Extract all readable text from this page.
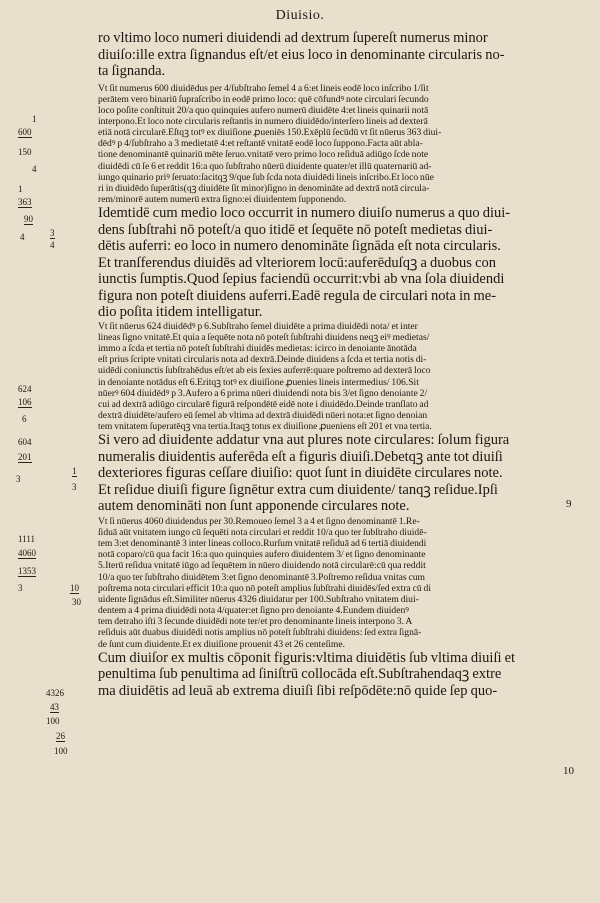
Diuisio.
9
10
1
600
150
4
1
363
90
4	3
4
624
106
6
604
201
1
3
3
1111
4060
1353
3	10
30
4326
43
100
26
100
ro vltimo loco numeri diuidendi ad dextrum ſupereſt numerus minor
diuiſo:ille extra ſignandus eſt/et eius loco in denominante circularis no-
ta ſignanda.
Vt ſit numerus 600 diuidēdus per 4/ſubſtraho ſemel 4 a 6:et lineis eodē loco inſcribo 1/ſit
perātem vero binariū ſupraſcribo in eodē primo loco: quē cōfundꝰ note circulari ſecundo
loco poſite conſtituit 20/a quo quinquies aufero numerū diuidēte 4:et lineis quinarii notā
interpono.Et loco note circularis reſtantis in numero diuidēdo/interſero lineis ad dexterā
etiā notā circularē.Eſtqꝫ totꝰ ex diuiſione ꝓueniēs 150.Exēplū ſecūdū vt ſit nūerus 363 diui-
dēdꝰ p 4/ſubſtraho a 3 medietatē 4:et reſtantē vnitatē eodē loco ſuppono.Facta aūt abla-
tione denominantē quinariū mēte ſeruo.vnitatē vero primo loco reſiduā adiūgo ſcde note
diuidēdi cū ſe 6 et reddit 16:a quo ſubſtraho nūerū diuidente quater/et illū quaternariū ad-
iungo quinario priꝰ ſeruato:ſacitqꝫ 9/que ſub ſcda nota diuidēdi lineis inſcribo.Et loco nūe
ri in diuidēdo ſuperātis(qꝫ diuidēte ſit minor)ſigno in denomināte ad dextrā notā circula-
rem/minorē autem numerū extra ſigno:ei diuidentem ſupponendo.
Idemtidē cum medio loco occurrit in numero diuiſo numerus a quo diui-
dens ſubſtrahi nō poteſt/a quo itidē et ſequēte nō poteſt medietas diui-
dētis auferri: eo loco in numero denomināte ſignāda eſt nota circularis.
Et tranſferendus diuidēs ad vlteriorem locū:auferēduſqꝫ a duobus con
iunctis ſumptis.Quod ſepius faciendū occurrit:vbi ab vna ſola diuidendi
figura non poteſt diuidens auferri.Eadē regula de circulari nota in me-
dio poſita itidem intelligatur.
Vt ſit nūerus 624 diuidēdꝰ p 6.Subſtraho ſemel diuidēte a prima diuidēdi nota/ et inter
lineas ſigno vnitatē.Et quia a ſequēte nota nō poteſt ſubſtrahi diuidens neqꝫ eiꝰ medietas/
immo a ſcda et tertia nō poteſt ſubſtrahi diuidēs medietas: icirco in denoiante ānotāda
eſt prius ſcripte vnitati circularis nota ad dextrā.Deinde diuidens a ſcda et tertia notis di-
uidēdi coniunctis ſubſtrahēdus eſt/et ab eis ſexies auferrē:quare poſtremo ad dexterā loco
in denoiante notādus eſt 6.Eritqꝫ totꝰ ex diuiſione ꝓuenies lineis intermedius/ 106.Sit
nūerꝰ 604 diuidēdꝰ p 3.Aufero a 6 prima nūeri diuidendi nota bis 3/et ſigno denoiante 2/
cui ad dextrā adiūgo circularē figurā reſpondētē eidē note i diuidēdo.Deinde tranſlato ad
dextrā diuidēte/aufero eū ſemel ab vltima ad dextrā diuidēdi nūeri nota:et ſigno denoian
tem vnitatem ſuperatēqꝫ vna tertia.Itaqꝫ totus ex diuiſione ꝓueniens eſt 201 et vna tertia.
Si vero ad diuidente addatur vna aut plures note circulares: ſolum figura
numeralis diuidentis auferēda eſt a figuris diuiſi.Debetqꝫ ante tot diuiſi
dexteriores figuras ceſſare diuiſio: quot ſunt in diuidēte circulares note.
Et reſidue diuiſi figure ſignētur extra cum diuidente/ tanqꝫ reſidue.Ipſi
autem denomināti non ſunt apponende circulares note.
Vt ſi nūerus 4060 diuidendus per 30.Remoueo ſemel 3 a 4 et ſigno denominantē 1.Re-
ſiduā aūt vnitatem iungo cū ſequēti nota circulari et reddit 10/a quo ter ſubſtraho diuidē-
tem 3:et denominantē 3 inter lineas colloco.Rurſum vnitatē reſiduā ad 6 tertiā diuidendi
notā coparo/cū qua facit 16:a quo quinquies aufero diuidentem 3/ et ſigno denominante
5.Iterū reſidua vnitatē iūgo ad ſequētem in nūero diuidendo notā circularē:cū qua reddit
10/a quo ter ſubſtraho diuidētem 3:et ſigno denominantē 3.Poſtremo reſidua vnitas cum
poſtrema nota circulari efficit 10:a quo nō poteſt amplius ſubſtrahi diuidēs/ſed extra cū di
uidente ſignādus eſt.Similiter nūerus 4326 diuidatur per 100.Subſtraho vnitatem diui-
dentem a 4 prima diuidēdi nota 4/quater:et ſigno pro denoiante 4.Eundem diuidenꝰ
tem detraho iſti 3 ſecunde diuidēdi note ter/et pro denominante lineis interpono 3. A
reſiduis aūt duabus diuidēdi notis amplius nō poteſt ſubſtrahi diuidens: ſed extra ſignā-
de ſunt cum diuidente.Et ex diuiſione prouenit 43 et 26 centeſime.
Cum diuiſor ex multis cōponit figuris:vltima diuidētis ſub vltima diuiſi et
penultima ſub penultima ad ſiniſtrū collocāda eſt.Subſtrahendaqꝫ extre
ma diuidētis ad leuā ab extrema diuiſi ſibi reſpōdēte:nō quide ſep quo-
